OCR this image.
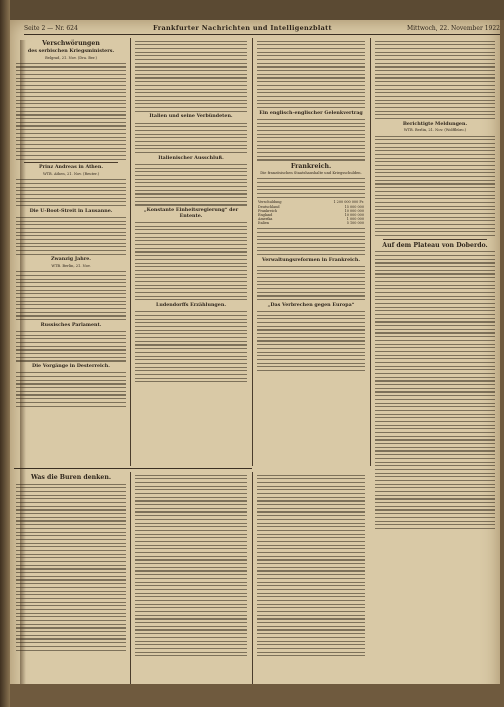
Seite 2 — Nr. 624	Frankfurter Nachrichten und Intelligenzblatt	Mittwoch, 22. November 1922
Verschwörungen
des serbischen Kriegsministers.
Belgrad, 21. Nov. (Dra. Ber.)
Prinz Andreas in Athen.
WTB. Athen, 21. Nov. (Reuter.)
Die U-Boot-Streit in Lausanne.
Zwanzig Jahre.
WTB. Berlin, 21. Nov.
Russisches Parlament.
Die Vorgänge in Desterreich.
Italien und seine Verbündeten.
Italienischer Ausschluß.
„Konstante Einheitsregierung“ der Entente.
Ludendorffs Erzählungen.
Ein englisch-englischer Gelenkvertrag
Frankreich.
Die französischen Staatshaushalte und Kriegsschulden.
Verschuldung	1 200 000 000 Fr.
Deutschland	15 000 000
Frankreich	10 000 000
England	10 000 000
Amerika	1 000 000
Italien	5 100 000
Verwaltungsreformen in Frankreich.
„Das Verbrechen gegen Europa“
Berichtigte Meldungen.
WTB. Berlin, 21. Nov. (Wolffbüro.)
Auf dem Plateau von Doberdo.
Was die Buren denken.
